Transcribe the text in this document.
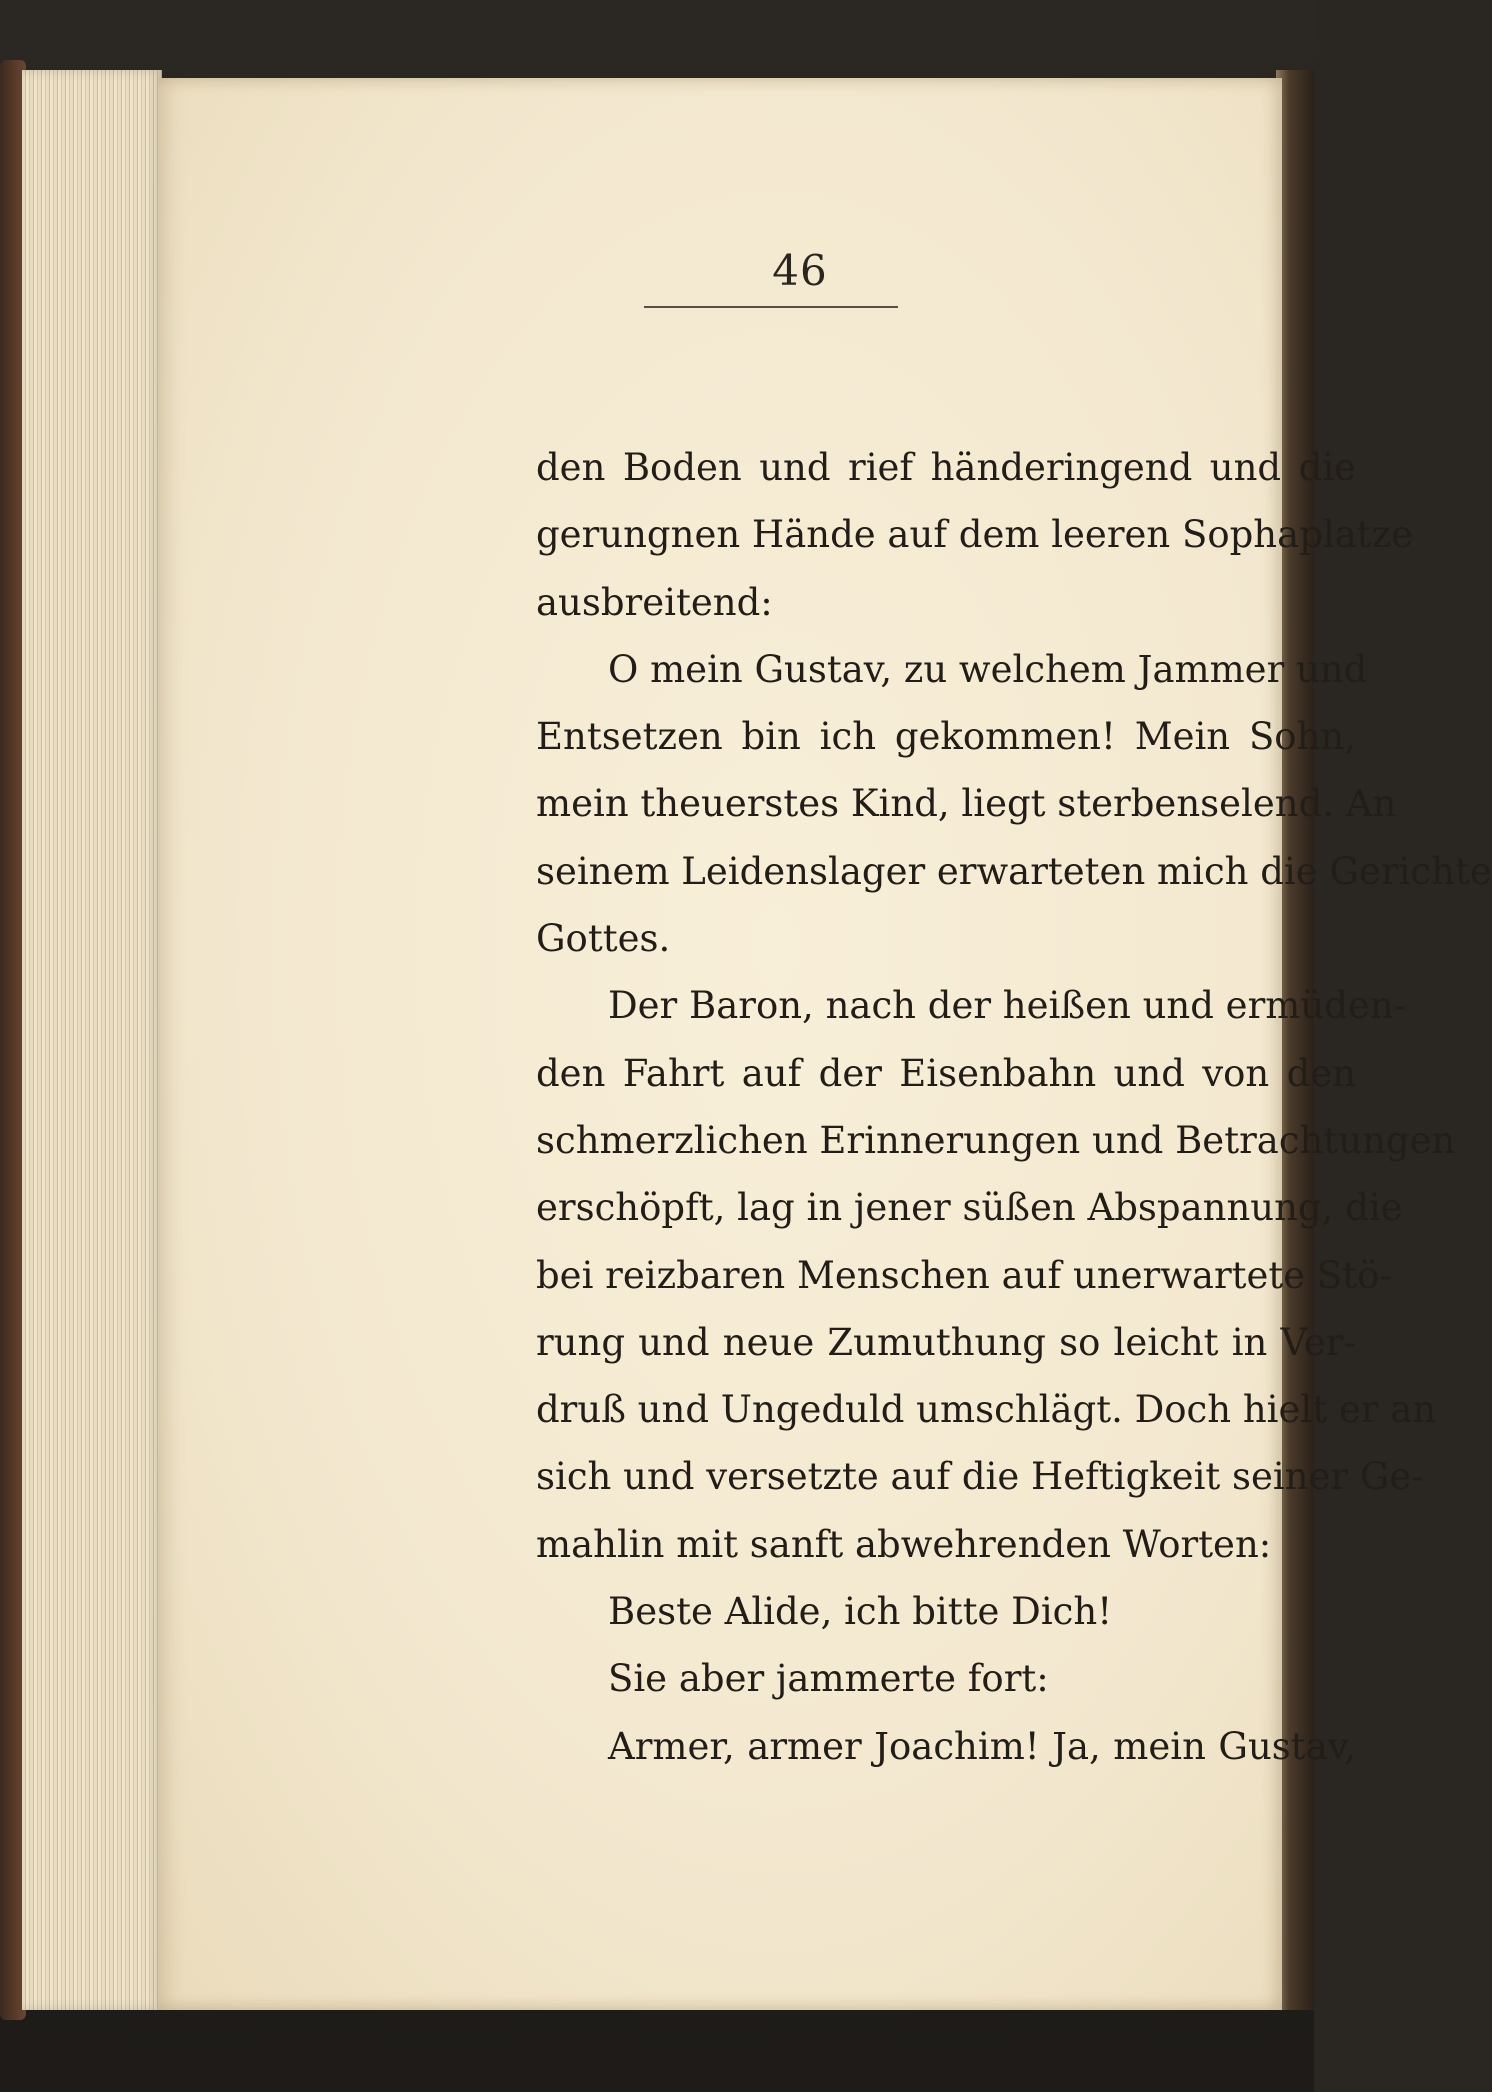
46
den Boden und rief händeringend und die
gerungnen Hände auf dem leeren Sophaplatze
ausbreitend:
O mein Gustav, zu welchem Jammer und
Entsetzen bin ich gekommen! Mein Sohn,
mein theuerstes Kind, liegt sterbenselend. An
seinem Leidenslager erwarteten mich die Gerichte
Gottes.
Der Baron, nach der heißen und ermüden-
den Fahrt auf der Eisenbahn und von den
schmerzlichen Erinnerungen und Betrachtungen
erschöpft, lag in jener süßen Abspannung, die
bei reizbaren Menschen auf unerwartete Stö-
rung und neue Zumuthung so leicht in Ver-
druß und Ungeduld umschlägt. Doch hielt er an
sich und versetzte auf die Heftigkeit seiner Ge-
mahlin mit sanft abwehrenden Worten:
Beste Alide, ich bitte Dich!
Sie aber jammerte fort:
Armer, armer Joachim! Ja, mein Gustav,
